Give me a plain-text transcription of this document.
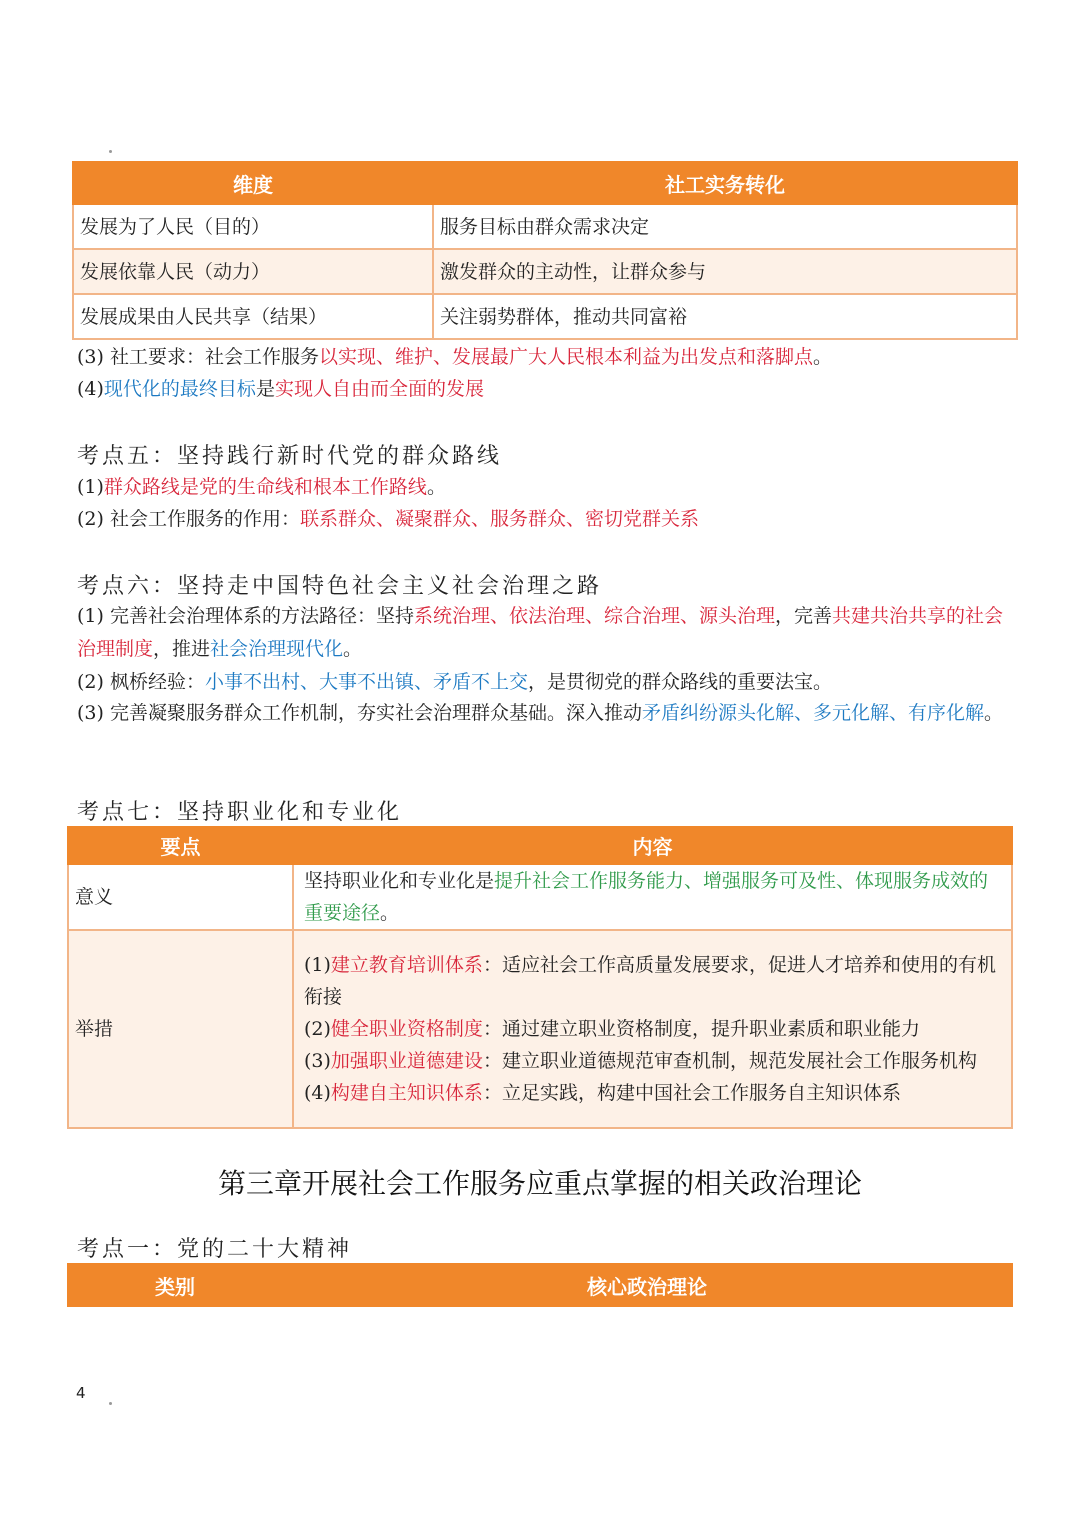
维度	社工实务转化
发展为了人民（目的）	服务目标由群众需求决定
发展依靠人民（动力）	激发群众的主动性，让群众参与
发展成果由人民共享（结果）	关注弱势群体，推动共同富裕
(3) 社工要求：社会工作服务以实现、维护、发展最广大人民根本利益为出发点和落脚点。
(4)现代化的最终目标是实现人自由而全面的发展
考点五：坚持践行新时代党的群众路线
(1)群众路线是党的生命线和根本工作路线。
(2) 社会工作服务的作用：联系群众、凝聚群众、服务群众、密切党群关系
考点六：坚持走中国特色社会主义社会治理之路
(1) 完善社会治理体系的方法路径：坚持系统治理、依法治理、综合治理、源头治理，完善共建共治共享的社会治理制度，推进社会治理现代化。
(2) 枫桥经验：小事不出村、大事不出镇、矛盾不上交，是贯彻党的群众路线的重要法宝。
(3) 完善凝聚服务群众工作机制，夯实社会治理群众基础。深入推动矛盾纠纷源头化解、多元化解、有序化解。
考点七：坚持职业化和专业化
要点	内容
意义	坚持职业化和专业化是提升社会工作服务能力、增强服务可及性、体现服务成效的重要途径。
举措	(1)建立教育培训体系：适应社会工作高质量发展要求，促进人才培养和使用的有机衔接
(2)健全职业资格制度：通过建立职业资格制度，提升职业素质和职业能力
(3)加强职业道德建设：建立职业道德规范审查机制，规范发展社会工作服务机构
(4)构建自主知识体系：立足实践，构建中国社会工作服务自主知识体系
第三章开展社会工作服务应重点掌握的相关政治理论
考点一：党的二十大精神
类别	核心政治理论
4
